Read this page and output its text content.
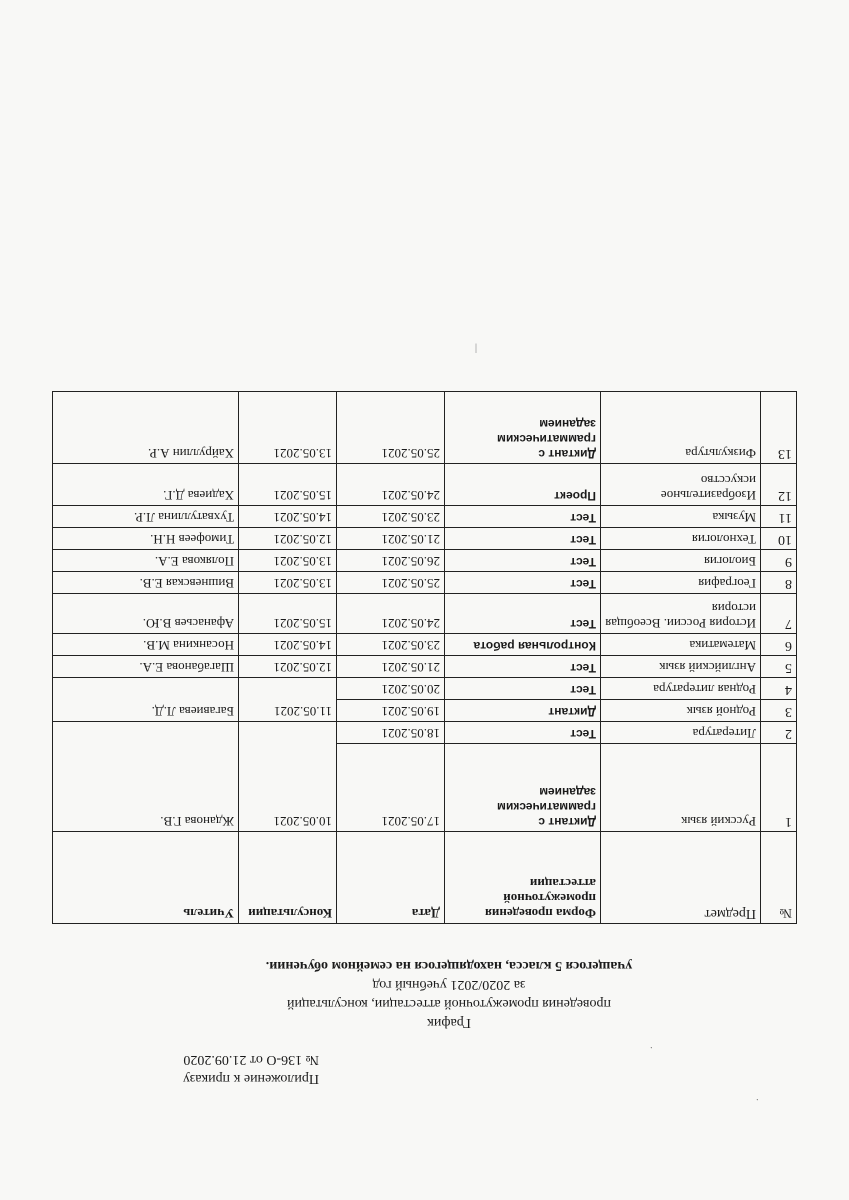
·
|
·
Приложение к приказу
№ 136-О от 21.09.2020
График
проведения промежуточной аттестации, консультаций
за 2020/2021 учебный год
учащегося 5 класса, находящегося на семейном обучении.
№	Предмет	Форма проведения промежуточной аттестации	Дата	Консультации	Учитель
1	Русский язык	Диктант с грамматическим заданием	17.05.2021	10.05.2021	Жданова Г.В.
2	Литература	Тест	18.05.2021		
3	Родной язык	Диктант	19.05.2021	11.05.2021	Багавиева Л.Д.
4	Родная литература	Тест	20.05.2021		
5	Английский язык	Тест	21.05.2021	12.05.2021	Шагабанова Е.А.
6	Математика	Контрольная работа	23.05.2021	14.05.2021	Носанкина М.В.
7	История России. Всеобщая история	Тест	24.05.2021	15.05.2021	Афанасьев В.Ю.
8	География	Тест	25.05.2021	13.05.2021	Вишневская Е.В.
9	Биология	Тест	26.05.2021	13.05.2021	Полякова Е.А.
10	Технология	Тест	21.05.2021	12.05.2021	Тимофеев Н.Н.
11	Музыка	Тест	23.05.2021	14.05.2021	Тухватуллина Л.Р.
12	Изобразительное искусство	Проект	24.05.2021	15.05.2021	Хадиева Д.Г.
13	Физкультура	Диктант с грамматическим заданием	25.05.2021	13.05.2021	Хайруллин А.Р.
